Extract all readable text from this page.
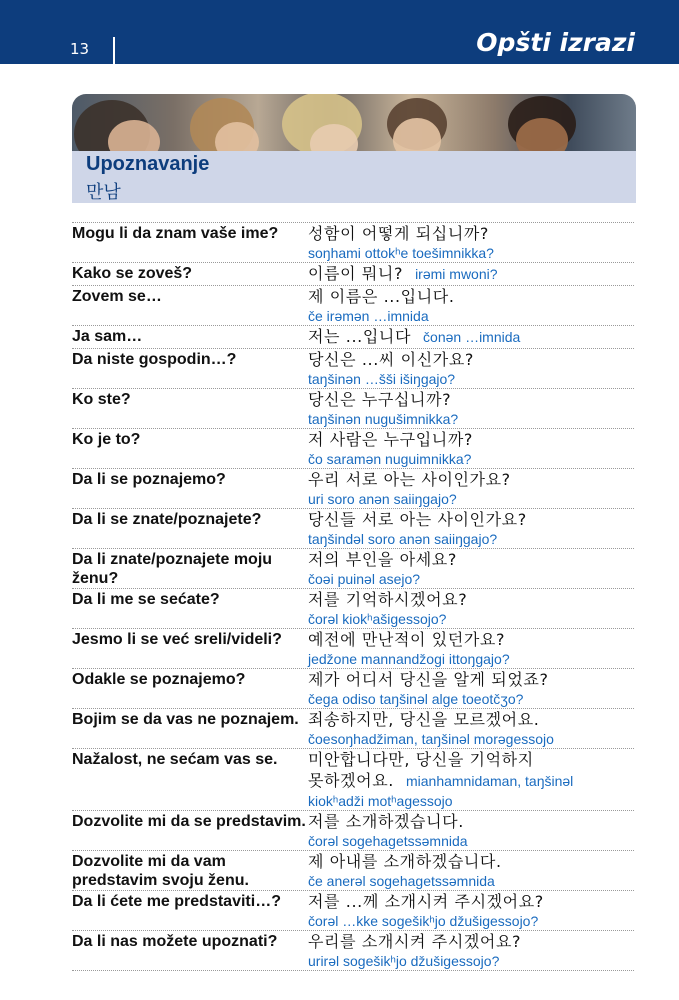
13	Opšti izrazi
Upoznavanje
만남
Mogu li da znam vaše ime?	성함이 어떻게 되십니까?
soŋhami ottokʰe toešimnikka?
Kako se zoveš?	이름이 뭐니? irəmi mwoni?
Zovem se…	제 이름은 ...입니다.
če irəmən …imnida
Ja sam…	저는 ...입니다 čonən …imnida
Da niste gospodin…?	당신은 ...씨 이신가요?
taŋšinən …šši išiŋgajo?
Ko ste?	당신은 누구십니까?
taŋšinən nugušimnikka?
Ko je to?	저 사람은 누구입니까?
čo saramən nuguimnikka?
Da li se poznajemo?	우리 서로 아는 사이인가요?
uri soro anən saiiŋgajo?
Da li se znate/poznajete?	당신들 서로 아는 사이인가요?
taŋšindəl soro anən saiiŋgajo?
Da li znate/poznajete moju ženu?
저의 부인을 아세요?
čoəi puinəl asejo?
Da li me se sećate?	저를 기억하시겠어요?
čorəl kiokʰašigessojo?
Jesmo li se već sreli/videli?	예전에 만난적이 있던가요?
jedžone mannandžogi ittoŋgajo?
Odakle se poznajemo?	제가 어디서 당신을 알게 되었죠?
čega odiso taŋšinəl alge toeotčʒo?
Bojim se da vas ne poznajem. 죄송하지만, 당신을 모르겠어요.
čoesoŋhadžiman, taŋšinəl morəgessojo
Nažalost, ne sećam vas se.	미안합니다만, 당신을 기억하지
못하겠어요. mianhamnidaman, taŋšinəl
kiokʰadži motʰagessojo
Dozvolite mi da se predstavim. 저를 소개하겠습니다.
čorəl sogehagetssəmnida
Dozvolite mi da vam predstavim svoju ženu.
제 아내를 소개하겠습니다.
če anerəl sogehagetssəmnida
Da li ćete me predstaviti…?	저를 ...께 소개시켜 주시겠어요?
čorəl …kke sogešikʰjo džušigessojo?
Da li nas možete upoznati?	우리를 소개시켜 주시겠어요?
urirəl sogešikʰjo džušigessojo?
